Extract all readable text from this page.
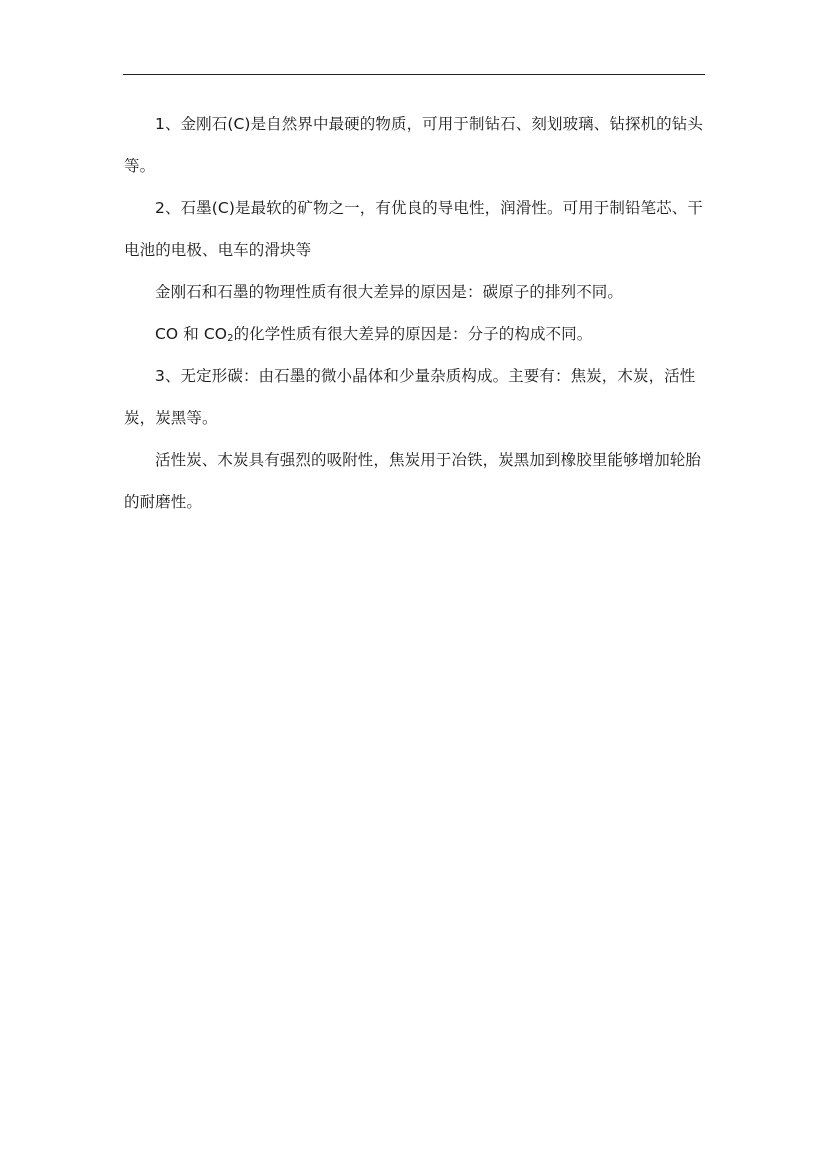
1、金刚石(C)是自然界中最硬的物质，可用于制钻石、刻划玻璃、钻探机的钻头等。

2、石墨(C)是最软的矿物之一，有优良的导电性，润滑性。可用于制铅笔芯、干电池的电极、电车的滑块等

金刚石和石墨的物理性质有很大差异的原因是：碳原子的排列不同。

CO 和 $CO_2$的化学性质有很大差异的原因是：分子的构成不同。

3、无定形碳：由石墨的微小晶体和少量杂质构成。主要有：焦炭，木炭，活性炭，炭黑等。

活性炭、木炭具有强烈的吸附性，焦炭用于冶铁，炭黑加到橡胶里能够增加轮胎的耐磨性。
